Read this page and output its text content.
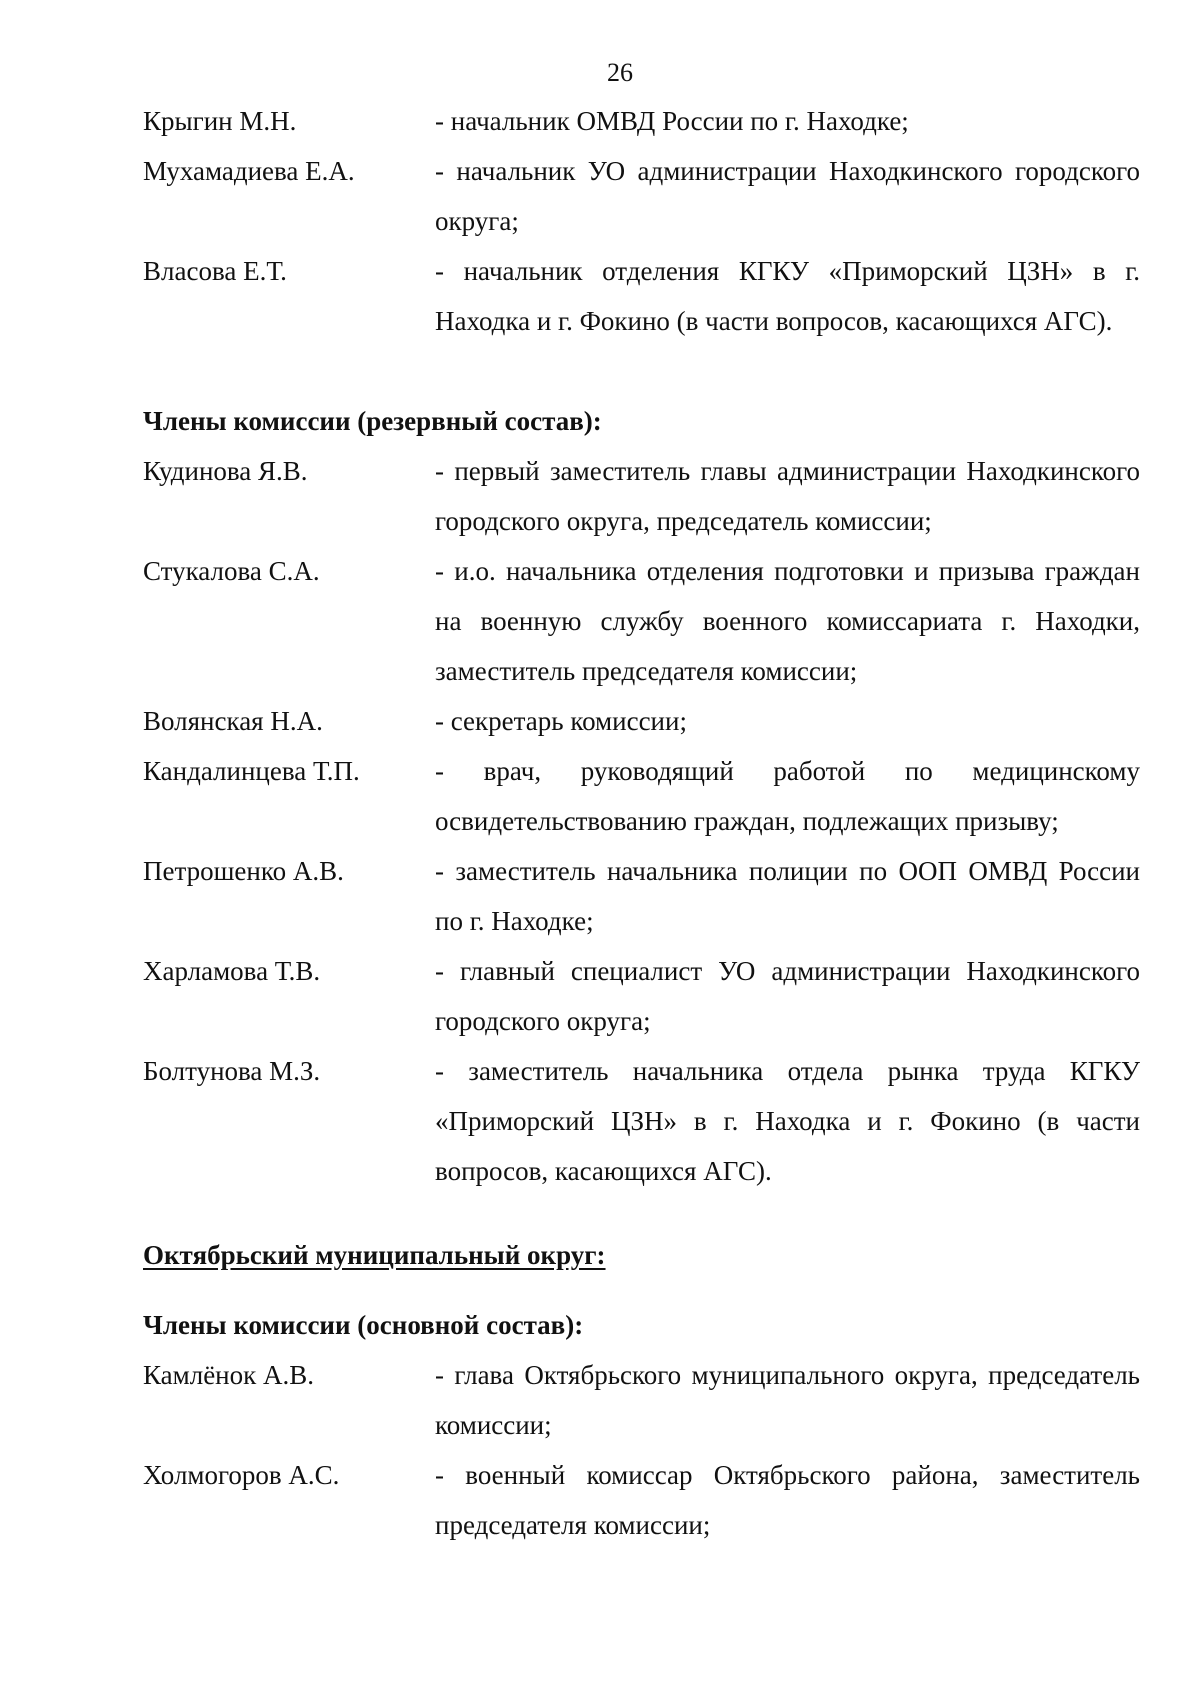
26
Крыгин М.Н.	- начальник ОМВД России по г. Находке;
Мухамадиева Е.А.	- начальник УО администрации Находкинского городского округа;
Власова Е.Т.	- начальник отделения КГКУ «Приморский ЦЗН» в г. Находка и г. Фокино (в части вопросов, касающихся АГС).
Члены комиссии (резервный состав):
Кудинова Я.В.	- первый заместитель главы администрации Находкинского городского округа, председатель комиссии;
Стукалова С.А.	- и.о. начальника отделения подготовки и призыва граждан на военную службу военного комиссариата г. Находки, заместитель председателя комиссии;
Волянская Н.А.	- секретарь комиссии;
Кандалинцева Т.П.	- врач, руководящий работой по медицинскому освидетельствованию граждан, подлежащих призыву;
Петрошенко А.В.	- заместитель начальника полиции по ООП ОМВД России по г. Находке;
Харламова Т.В.	- главный специалист УО администрации Находкинского городского округа;
Болтунова М.З.	- заместитель начальника отдела рынка труда КГКУ «Приморский ЦЗН» в г. Находка и г. Фокино (в части вопросов, касающихся АГС).
Октябрьский муниципальный округ:
Члены комиссии (основной состав):
Камлёнок А.В.	- глава Октябрьского муниципального округа, председатель комиссии;
Холмогоров А.С.	- военный комиссар Октябрьского района, заместитель председателя комиссии;
